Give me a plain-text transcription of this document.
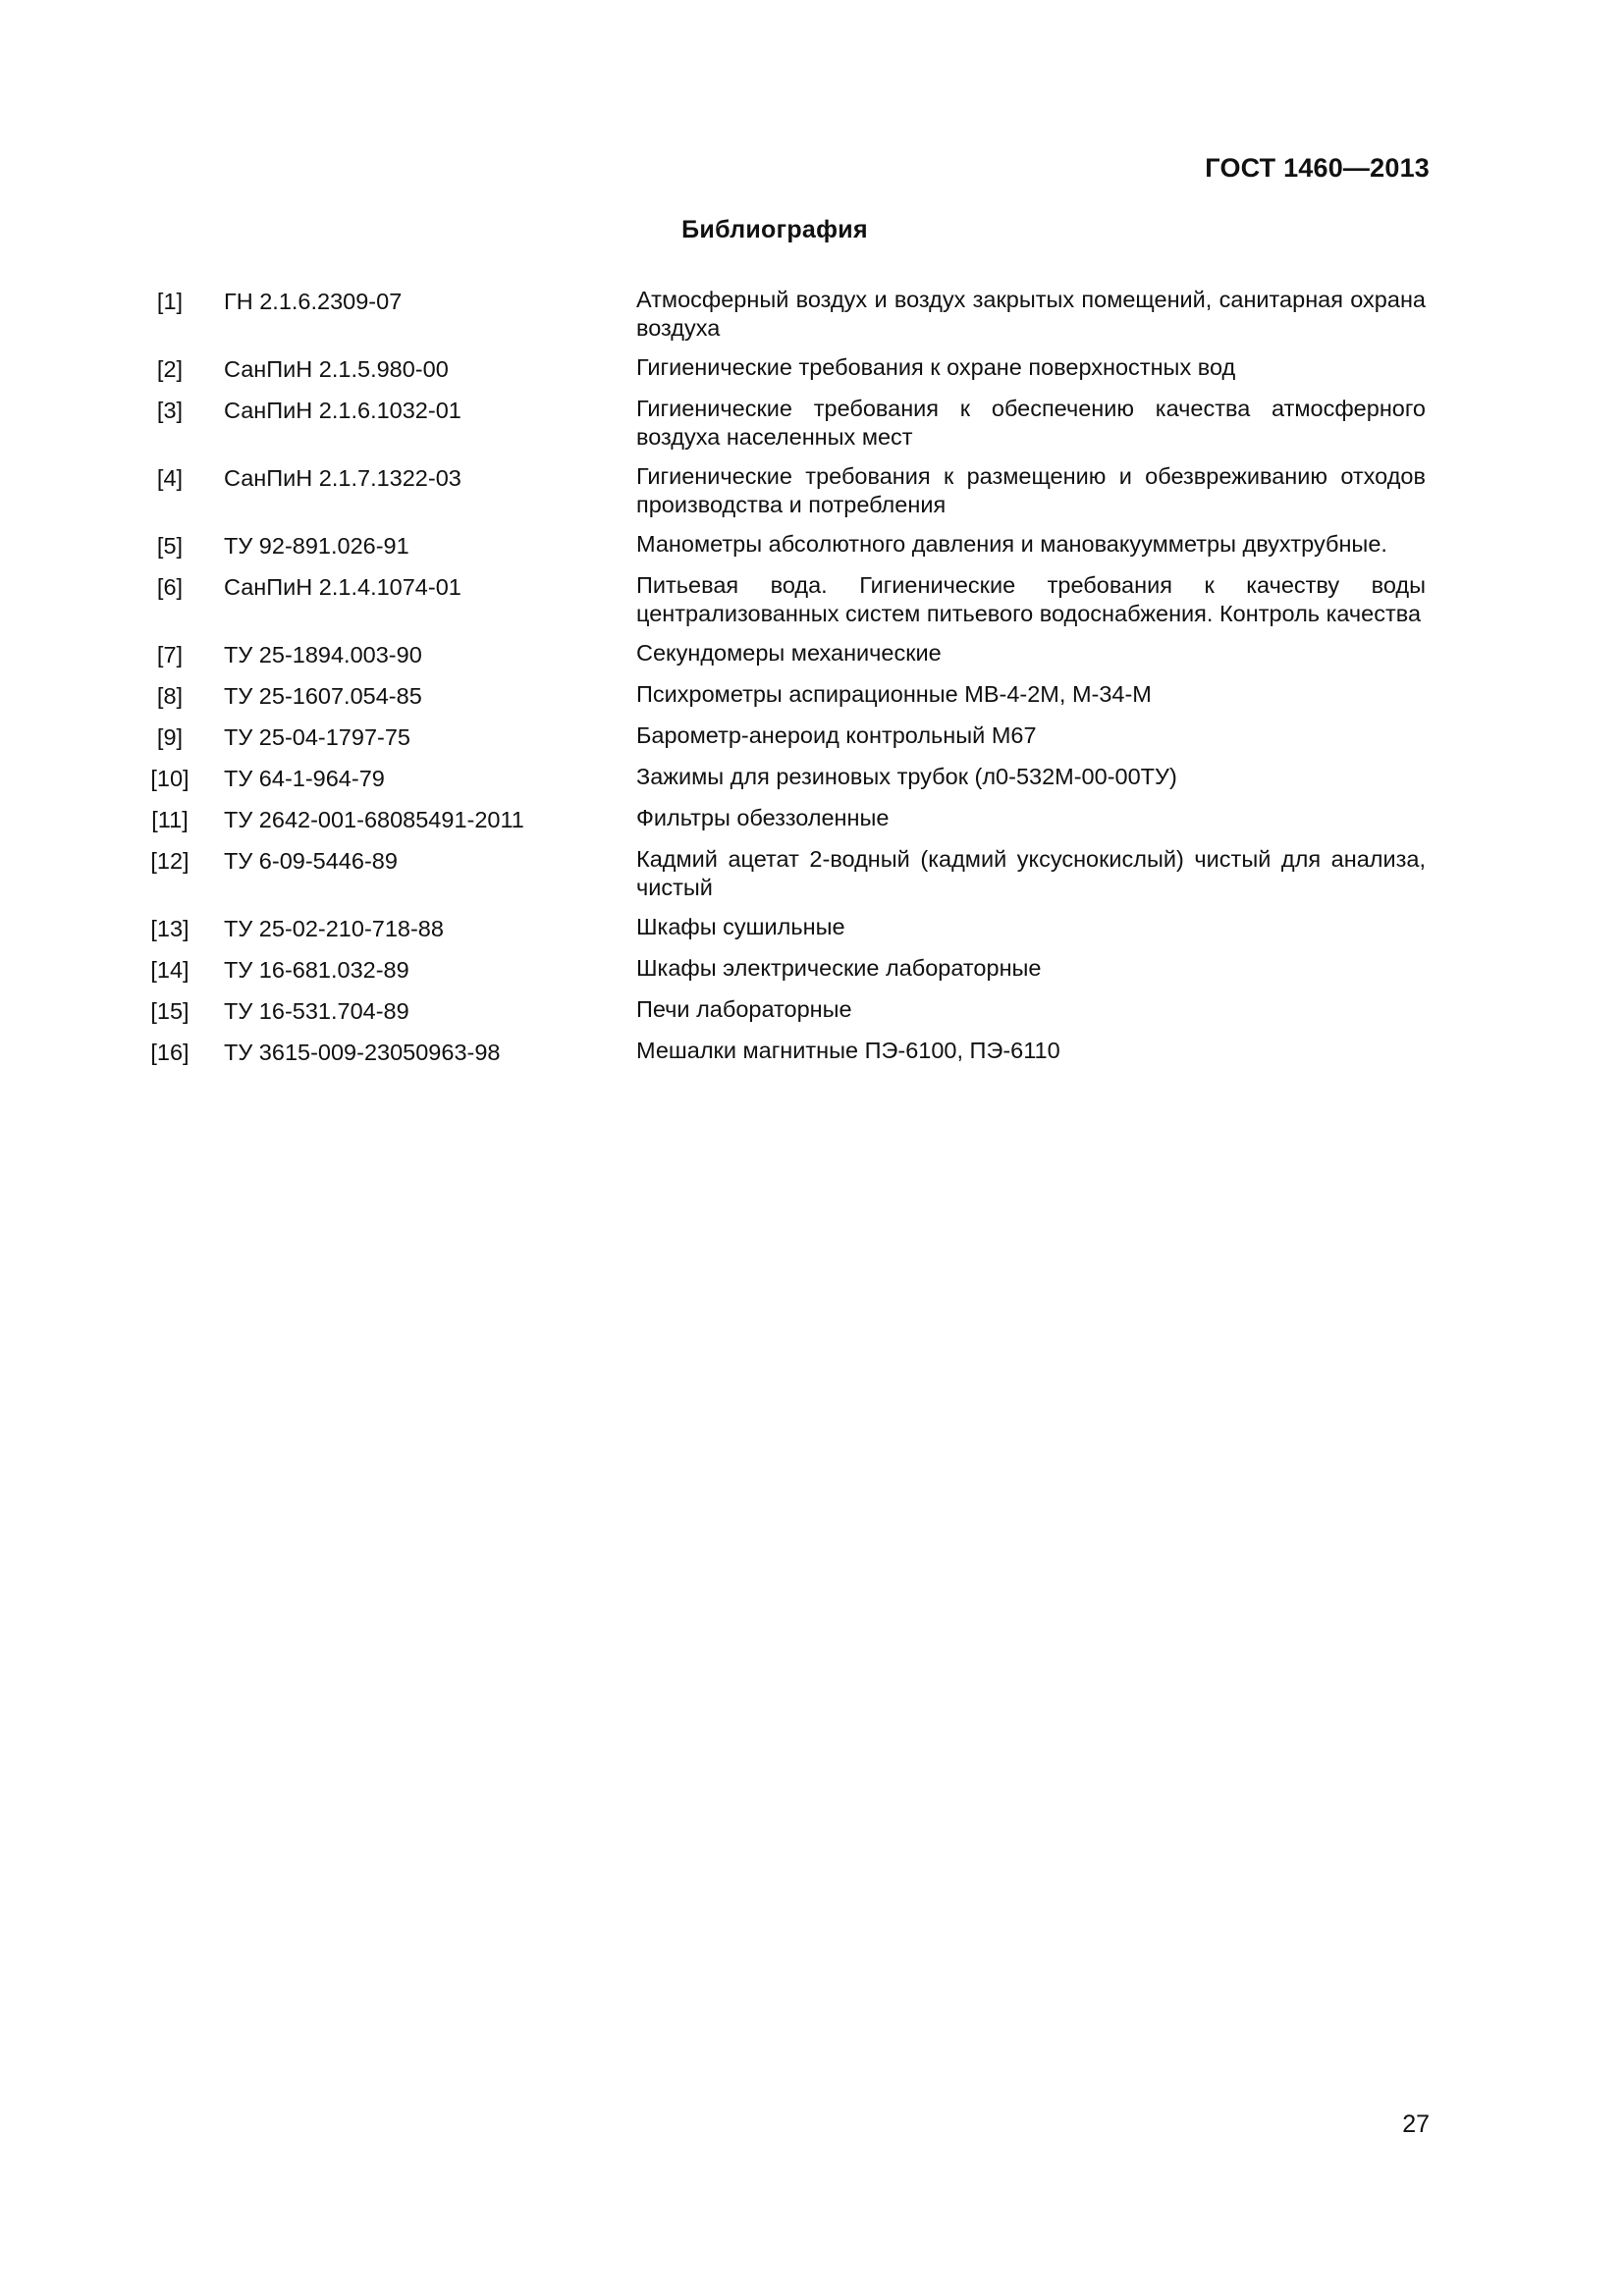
ГОСТ 1460—2013
Библиография
[1]	ГН 2.1.6.2309-07	Атмосферный воздух и воздух закрытых помещений, санитарная охрана воздуха
[2]	СанПиН 2.1.5.980-00	Гигиенические требования к охране поверхностных вод
[3]	СанПиН 2.1.6.1032-01	Гигиенические требования к обеспечению качества атмосферного воздуха населенных мест
[4]	СанПиН 2.1.7.1322-03	Гигиенические требования к размещению и обезвреживанию отходов производства и потребления
[5]	ТУ 92-891.026-91	Манометры абсолютного давления и мановакуумметры двухтрубные.
[6]	СанПиН 2.1.4.1074-01	Питьевая вода. Гигиенические требования к качеству воды централизованных систем питьевого водоснабжения. Контроль качества
[7]	ТУ 25-1894.003-90	Секундомеры механические
[8]	ТУ 25-1607.054-85	Психрометры аспирационные МВ-4-2М, М-34-М
[9]	ТУ 25-04-1797-75	Барометр-анероид контрольный М67
[10]	ТУ 64-1-964-79	Зажимы для резиновых трубок (л0-532М-00-00ТУ)
[11]	ТУ 2642-001-68085491-2011	Фильтры обеззоленные
[12]	ТУ 6-09-5446-89	Кадмий ацетат 2-водный (кадмий уксуснокислый) чистый для анализа, чистый
[13]	ТУ 25-02-210-718-88	Шкафы сушильные
[14]	ТУ 16-681.032-89	Шкафы электрические лабораторные
[15]	ТУ 16-531.704-89	Печи лабораторные
[16]	ТУ 3615-009-23050963-98	Мешалки магнитные ПЭ-6100, ПЭ-6110
27
